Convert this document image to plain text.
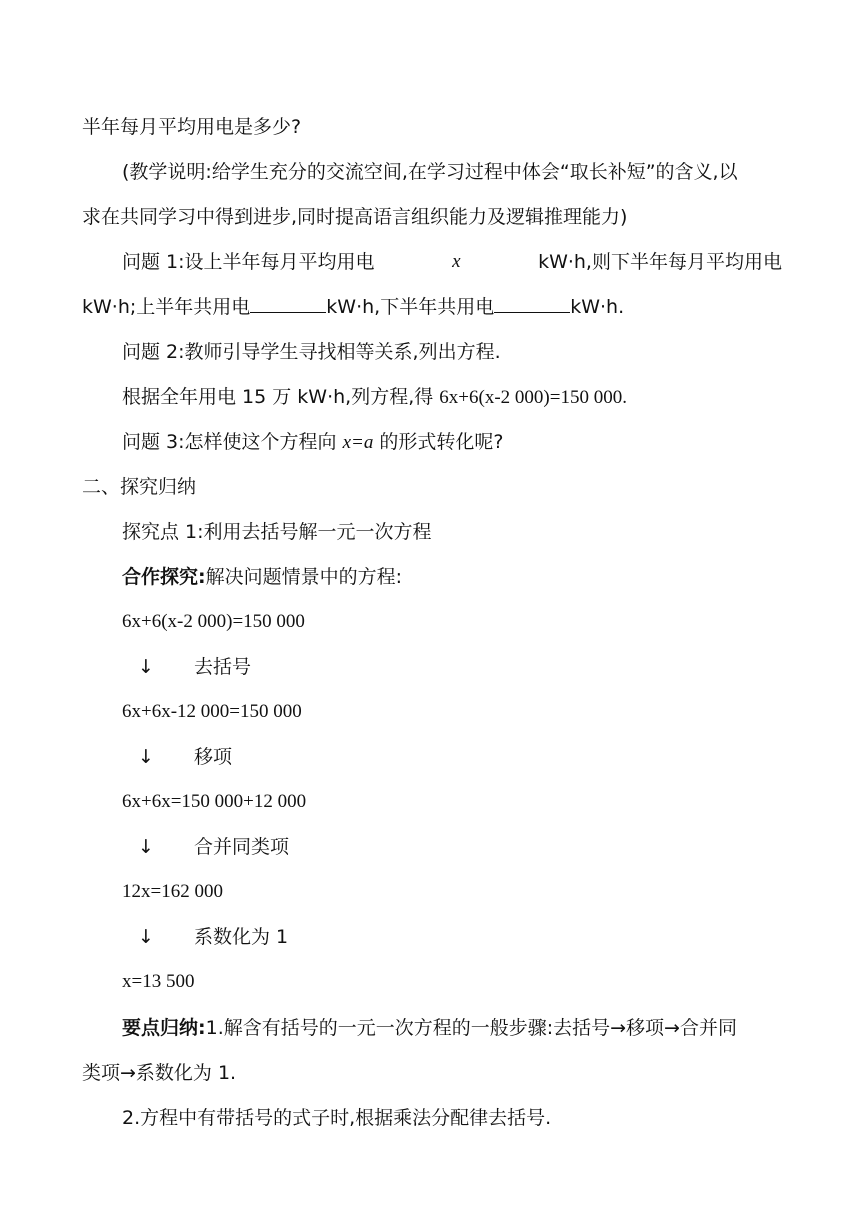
半年每月平均用电是多少?
(教学说明:给学生充分的交流空间,在学习过程中体会“取长补短”的含义,以
求在共同学习中得到进步,同时提高语言组织能力及逻辑推理能力)
问题 1:设上半年每月平均用电	x	kW·h,则下半年每月平均用电
kW·h;上半年共用电	kW·h,下半年共用电	kW·h.
问题 2:教师引导学生寻找相等关系,列出方程.
根据全年用电 15 万 kW·h,列方程,得 6x+6(x-2 000)=150 000.
问题 3:怎样使这个方程向 x=a 的形式转化呢?
二、探究归纳
探究点 1:利用去括号解一元一次方程
合作探究:解决问题情景中的方程:
6x+6(x-2 000)=150 000
↓ 去括号
6x+6x-12 000=150 000
↓ 移项
6x+6x=150 000+12 000
↓ 合并同类项
12x=162 000
↓ 系数化为 1
x=13 500
要点归纳:1.解含有括号的一元一次方程的一般步骤:去括号→移项→合并同
类项→系数化为 1.
2.方程中有带括号的式子时,根据乘法分配律去括号.
